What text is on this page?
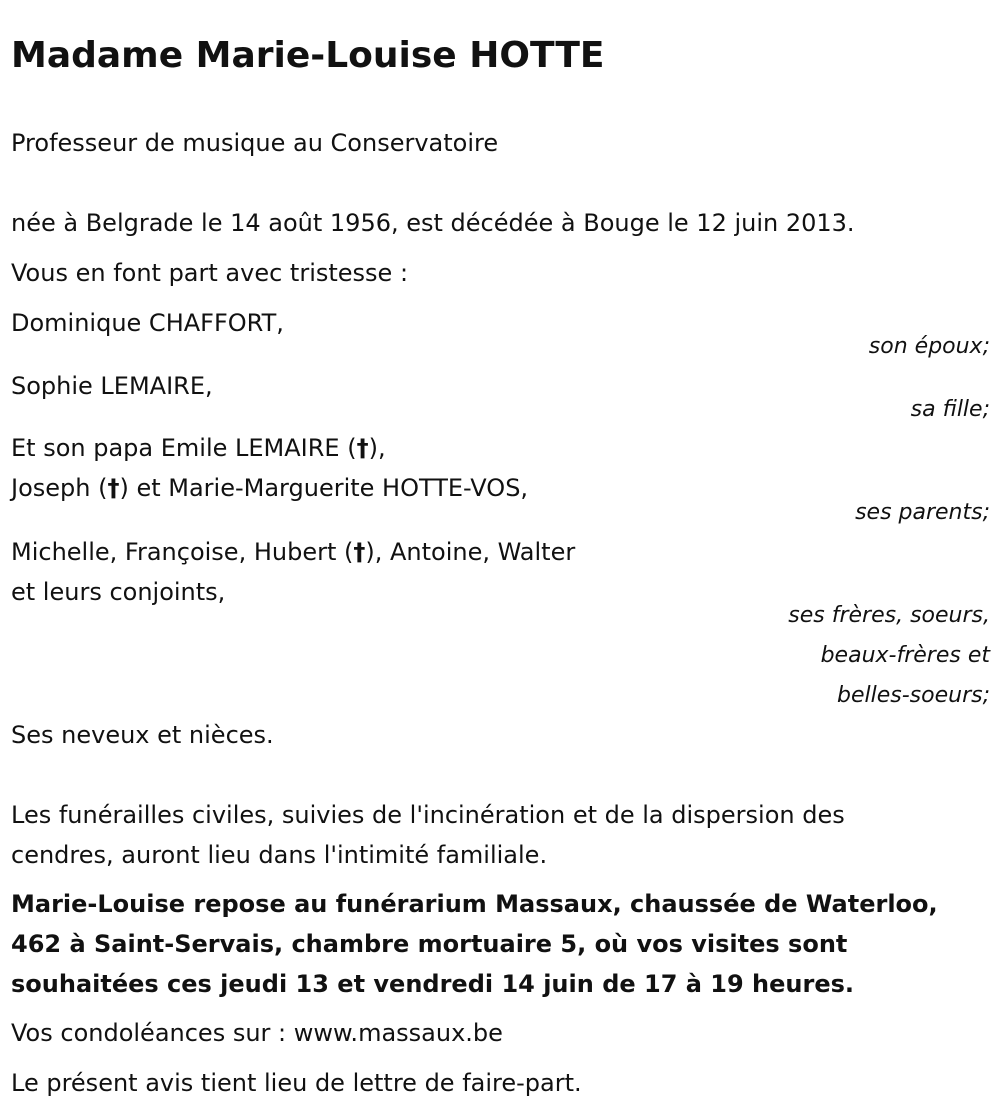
Madame Marie-Louise HOTTE

Professeur de musique au Conservatoire

née à Belgrade le 14 août 1956, est décédée à Bouge le 12 juin 2013.

Vous en font part avec tristesse :

Dominique CHAFFORT,

son époux;

Sophie LEMAIRE,

sa fille;

Et son papa Emile LEMAIRE (†),

Joseph (†) et Marie-Marguerite HOTTE-VOS,

ses parents;

Michelle, Françoise, Hubert (†), Antoine, Walter

et leurs conjoints,

ses frères, soeurs,

beaux-frères et

belles-soeurs;

Ses neveux et nièces.

Les funérailles civiles, suivies de l'incinération et de la dispersion des

cendres, auront lieu dans l'intimité familiale.

Marie-Louise repose au funérarium Massaux, chaussée de Waterloo,

462 à Saint-Servais, chambre mortuaire 5, où vos visites sont

souhaitées ces jeudi 13 et vendredi 14 juin de 17 à 19 heures.

Vos condoléances sur : www.massaux.be

Le présent avis tient lieu de lettre de faire-part.
